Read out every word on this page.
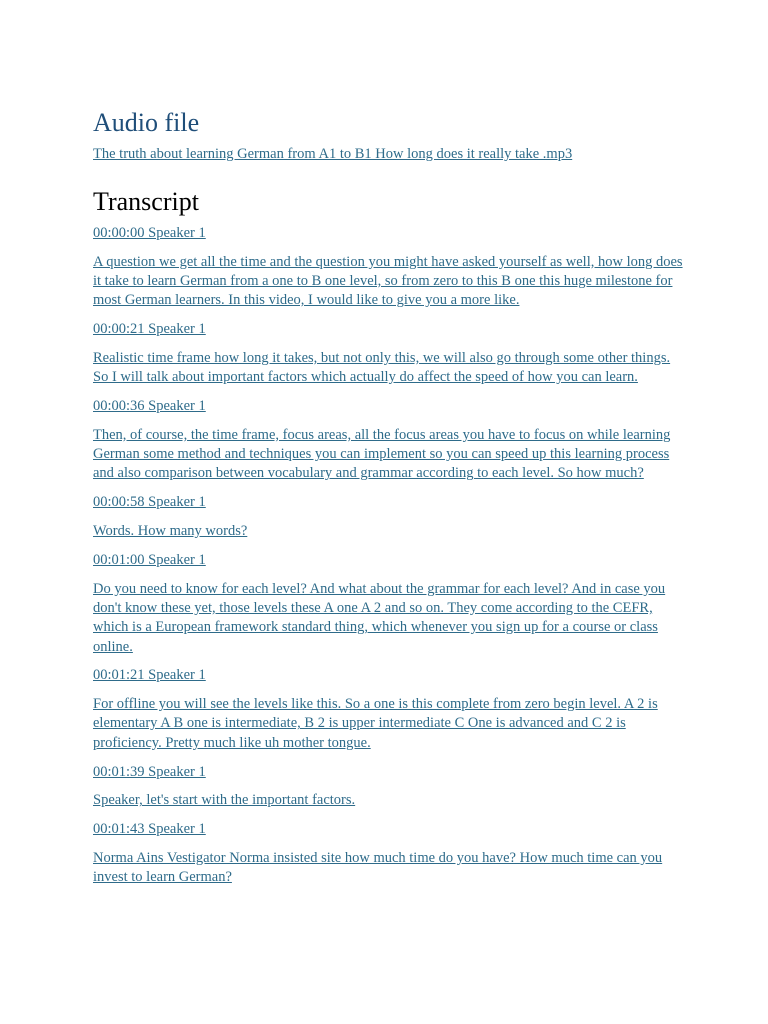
Audio file
The truth about learning German from A1 to B1 How long does it really take .mp3
Transcript
00:00:00 Speaker 1
A question we get all the time and the question you might have asked yourself as well, how long does it take to learn German from a one to B one level, so from zero to this B one this huge milestone for most German learners. In this video, I would like to give you a more like.
00:00:21 Speaker 1
Realistic time frame how long it takes, but not only this, we will also go through some other things. So I will talk about important factors which actually do affect the speed of how you can learn.
00:00:36 Speaker 1
Then, of course, the time frame, focus areas, all the focus areas you have to focus on while learning German some method and techniques you can implement so you can speed up this learning process and also comparison between vocabulary and grammar according to each level. So how much?
00:00:58 Speaker 1
Words. How many words?
00:01:00 Speaker 1
Do you need to know for each level? And what about the grammar for each level? And in case you don't know these yet, those levels these A one A 2 and so on. They come according to the CEFR, which is a European framework standard thing, which whenever you sign up for a course or class online.
00:01:21 Speaker 1
For offline you will see the levels like this. So a one is this complete from zero begin level. A 2 is elementary A B one is intermediate, B 2 is upper intermediate C One is advanced and C 2 is proficiency. Pretty much like uh mother tongue.
00:01:39 Speaker 1
Speaker, let's start with the important factors.
00:01:43 Speaker 1
Norma Ains Vestigator Norma insisted site how much time do you have? How much time can you invest to learn German?
